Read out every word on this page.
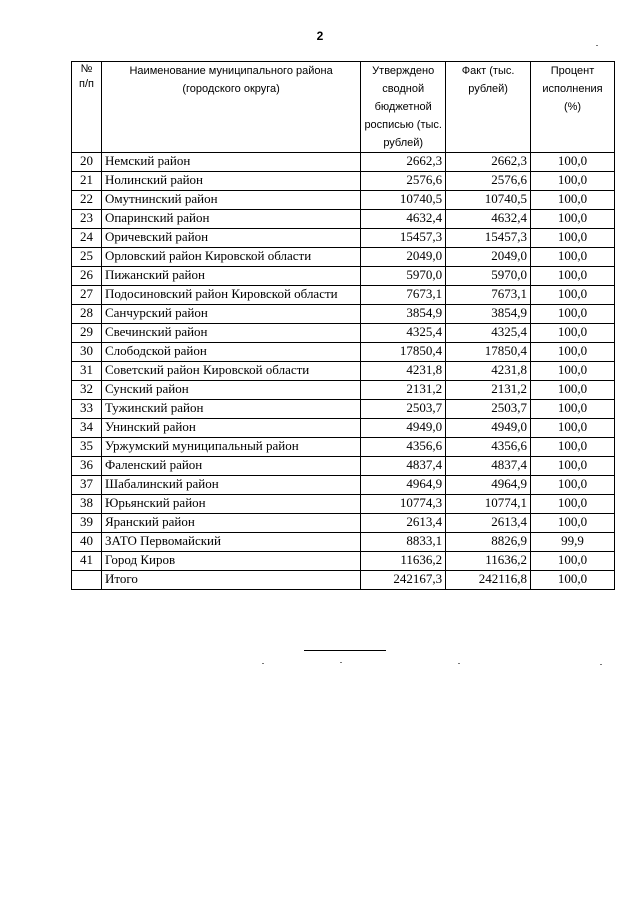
2
№ п/п	Наименование муниципального района (городского округа)	Утверждено сводной бюджетной росписью (тыс. рублей)	Факт (тыс. рублей)	Процент исполнения (%)
20	Немский район	2662,3	2662,3	100,0
21	Нолинский район	2576,6	2576,6	100,0
22	Омутнинский район	10740,5	10740,5	100,0
23	Опаринский район	4632,4	4632,4	100,0
24	Оричевский район	15457,3	15457,3	100,0
25	Орловский район Кировской области	2049,0	2049,0	100,0
26	Пижанский район	5970,0	5970,0	100,0
27	Подосиновский район Кировской области	7673,1	7673,1	100,0
28	Санчурский район	3854,9	3854,9	100,0
29	Свечинский район	4325,4	4325,4	100,0
30	Слободской район	17850,4	17850,4	100,0
31	Советский район Кировской области	4231,8	4231,8	100,0
32	Сунский район	2131,2	2131,2	100,0
33	Тужинский район	2503,7	2503,7	100,0
34	Унинский район	4949,0	4949,0	100,0
35	Уржумский муниципальный район	4356,6	4356,6	100,0
36	Фаленский район	4837,4	4837,4	100,0
37	Шабалинский район	4964,9	4964,9	100,0
38	Юрьянский район	10774,3	10774,1	100,0
39	Яранский район	2613,4	2613,4	100,0
40	ЗАТО Первомайский	8833,1	8826,9	99,9
41	Город Киров	11636,2	11636,2	100,0
	Итого	242167,3	242116,8	100,0
